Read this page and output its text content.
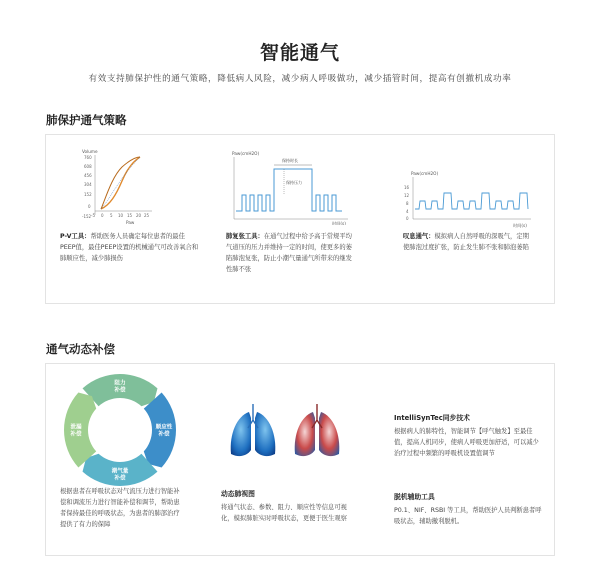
智能通气
有效支持肺保护性的通气策略，降低病人风险，减少病人呼吸做功，减少插管时间，提高有创撤机成功率
肺保护通气策略
Volume
760
608
456
304
152
0
-152 -5 0 5 10 15 20 25
Paw
P-V工具：帮助医务人员确定每位患者的最佳PEEP值，最佳PEEP设置的机械通气可改善氧合和肺顺应性，减少肺损伤
Paw(cmH2O)
时间(s)
保持时长
保持压力
肺复张工具：在通气过程中给予高于常规平均气道压的压力并维持一定的时间，使更多的萎陷肺泡复张，防止小潮气量通气所带来的继发性肺不张
Paw(cmH2O)
16
12
8
4
0
时间(s)
叹息通气：模拟病人自然呼吸的深吸气，定期使肺泡过度扩张，防止发生肺不张和肺泡萎陷
通气动态补偿
阻力
补偿
顺应性
补偿
潮气量
补偿
泄漏
补偿
根据患者在呼吸状态对气流压力进行智能补偿和调流压力进行智能补偿和调节，帮助患者保持最佳的呼吸状态，为患者的肺部治疗提供了有力的保障
动态肺视图
将通气状态、参数、阻力、顺应性等信息可视化，模拟肺脏实时呼吸状态，更便于医生观察
IntelliSynTec同步技术
根据病人的肺特性，智能调节【呼气触发】至最佳值，提高人机同步，使病人呼吸更加舒适，可以减少治疗过程中频繁的呼吸机设置值调节
脱机辅助工具
P0.1、NIF、RSBI 等工具，帮助医护人员判断患者呼吸状态，辅助撤利脱机。
